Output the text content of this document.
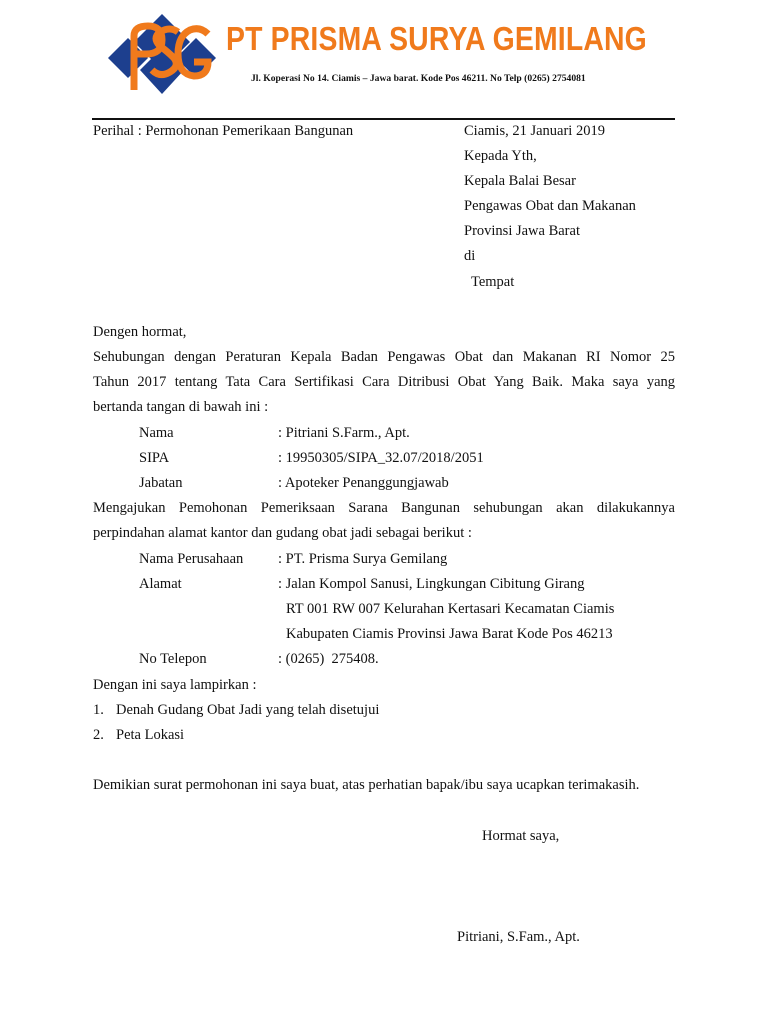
PT PRISMA SURYA GEMILANG
Jl. Koperasi No 14. Ciamis – Jawa barat. Kode Pos 46211. No Telp (0265) 2754081
Perihal : Permohonan Pemerikaan Bangunan	Ciamis, 21 Januari 2019
Kepada Yth,
Kepala Balai Besar
Pengawas Obat dan Makanan
Provinsi Jawa Barat
di
Tempat
Dengen hormat,
Sehubungan dengan Peraturan Kepala Badan Pengawas Obat dan Makanan RI Nomor 25
Tahun 2017 tentang Tata Cara Sertifikasi Cara Ditribusi Obat Yang Baik. Maka saya yang
bertanda tangan di bawah ini :
Nama	: Pitriani S.Farm., Apt.
SIPA	: 19950305/SIPA_32.07/2018/2051
Jabatan	: Apoteker Penanggungjawab
Mengajukan Pemohonan Pemeriksaan Sarana Bangunan sehubungan akan dilakukannya
perpindahan alamat kantor dan gudang obat jadi sebagai berikut :
Nama Perusahaan : PT. Prisma Surya Gemilang
Alamat	: Jalan Kompol Sanusi, Lingkungan Cibitung Girang
RT 001 RW 007 Kelurahan Kertasari Kecamatan Ciamis
Kabupaten Ciamis Provinsi Jawa Barat Kode Pos 46213
No Telepon	: (0265)  275408.
Dengan ini saya lampirkan :
1. Denah Gudang Obat Jadi yang telah disetujui
2. Peta Lokasi
Demikian surat permohonan ini saya buat, atas perhatian bapak/ibu saya ucapkan terimakasih.
Hormat saya,
Pitriani, S.Fam., Apt.
